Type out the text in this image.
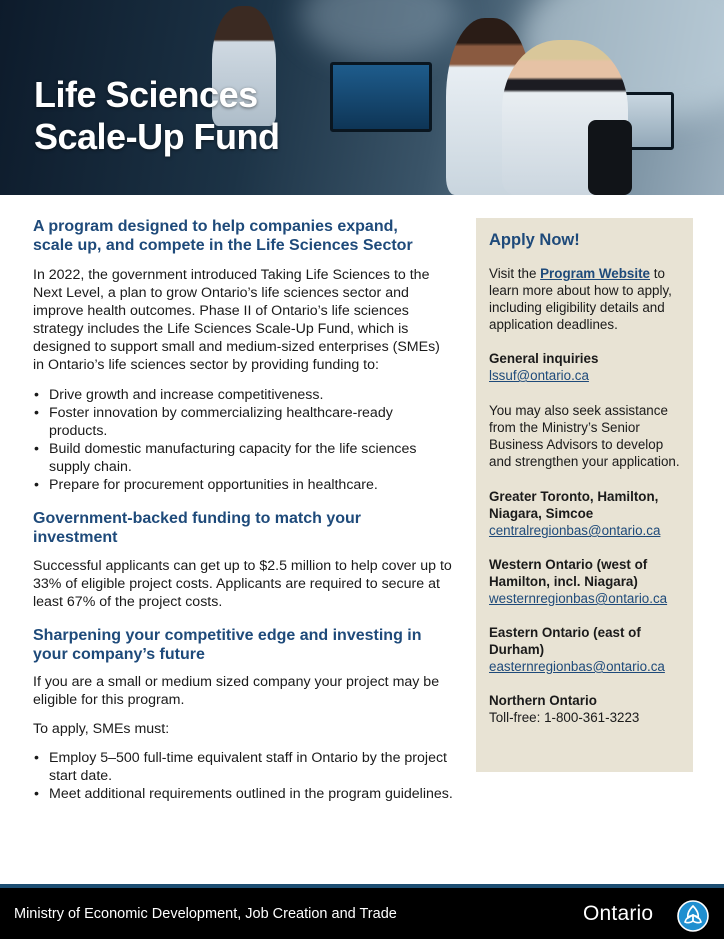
Life Sciences
Scale-Up Fund
A program designed to help companies expand, scale up, and compete in the Life Sciences Sector

In 2022, the government introduced Taking Life Sciences to the Next Level, a plan to grow Ontario’s life sciences sector and improve health outcomes. Phase II of Ontario’s life sciences strategy includes the Life Sciences Scale-Up Fund, which is designed to support small and medium-sized enterprises (SMEs) in Ontario’s life sciences sector by providing funding to:

• Drive growth and increase competitiveness.
• Foster innovation by commercializing healthcare-ready products.
• Build domestic manufacturing capacity for the life sciences supply chain.
• Prepare for procurement opportunities in healthcare.
Government-backed funding to match your investment

Successful applicants can get up to $2.5 million to help cover up to 33% of eligible project costs. Applicants are required to secure at least 67% of the project costs.

Sharpening your competitive edge and investing in your company’s future

If you are a small or medium sized company your project may be eligible for this program.

To apply, SMEs must:

• Employ 5–500 full-time equivalent staff in Ontario by the project start date.
• Meet additional requirements outlined in the program guidelines.
Apply Now!

Visit the Program Website to learn more about how to apply, including eligibility details and application deadlines.

General inquiries
lssuf@ontario.ca

You may also seek assistance from the Ministry’s Senior Business Advisors to develop and strengthen your application.

Greater Toronto, Hamilton, Niagara, Simcoe
centralregionbas@ontario.ca
Western Ontario (west of Hamilton, incl. Niagara)
westernregionbas@ontario.ca
Eastern Ontario (east of Durham)
easternregionbas@ontario.ca
Northern Ontario
Toll-free: 1-800-361-3223
Ministry of Economic Development, Job Creation and Trade	Ontario
